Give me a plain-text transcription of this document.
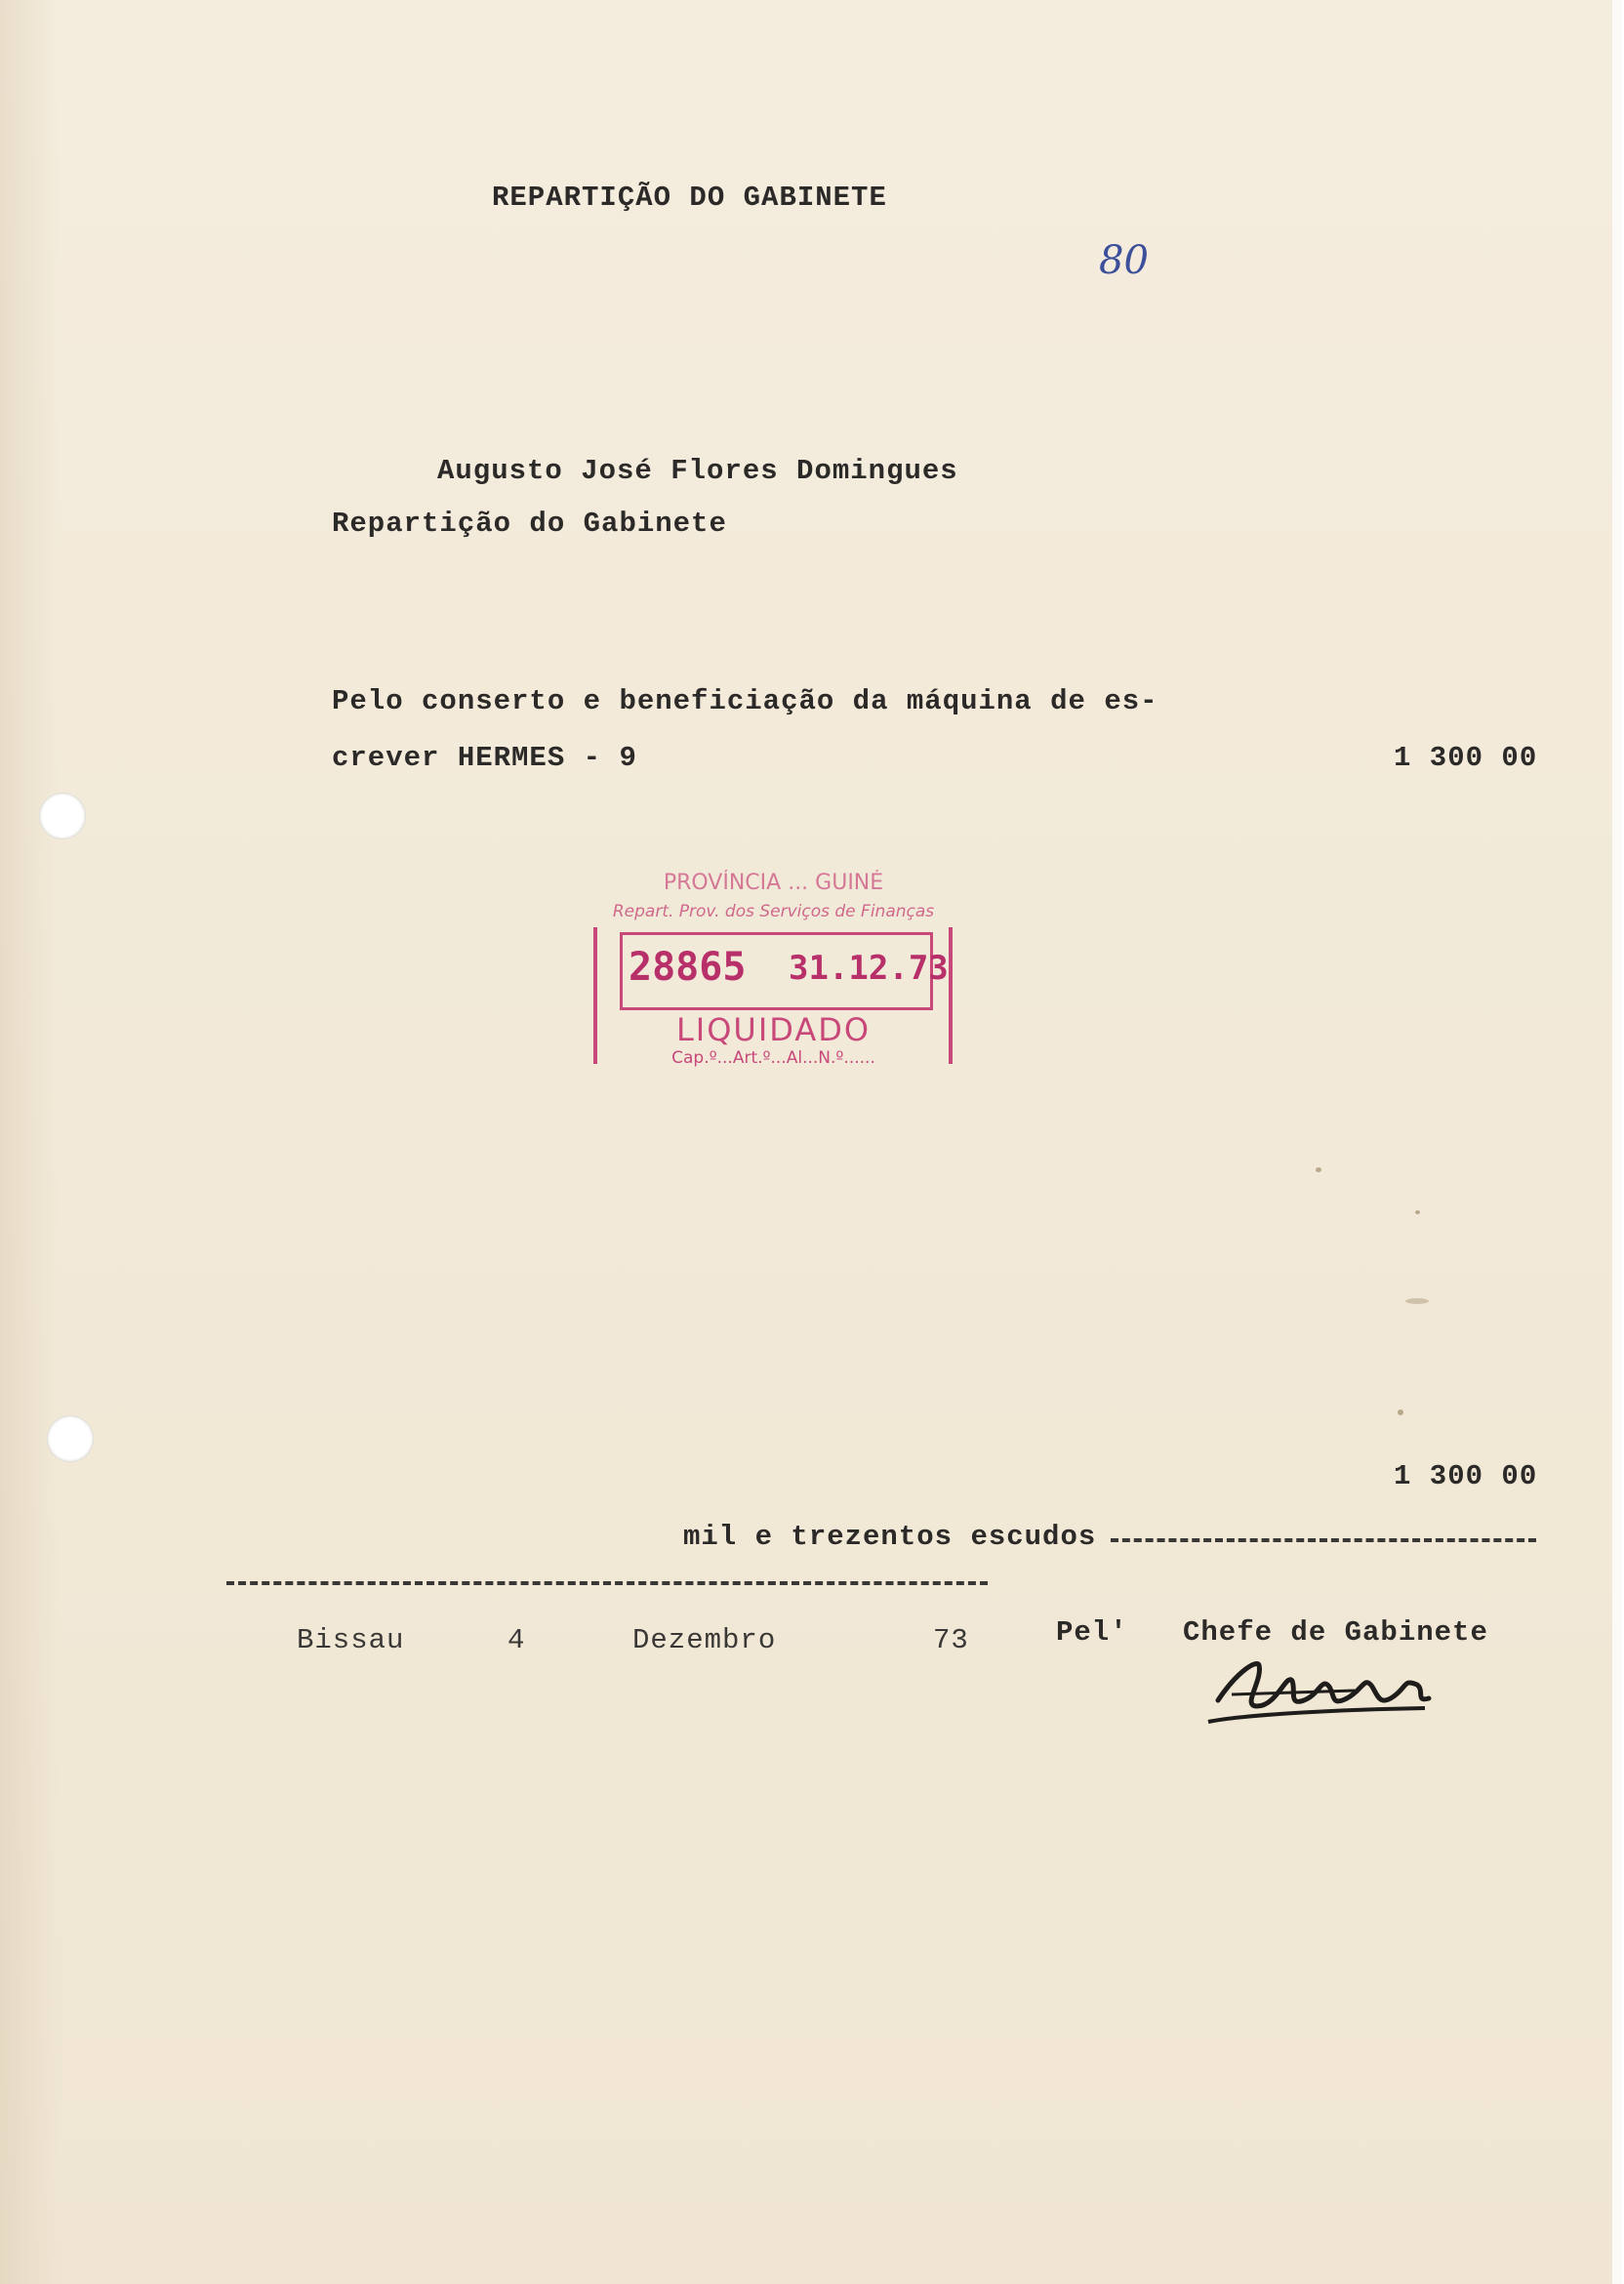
REPARTIÇÃO DO GABINETE
80
Augusto José Flores Domingues
Repartição do Gabinete
Pelo conserto e beneficiação da máquina de es-
crever HERMES - 9	1 300 00
PROVÍNCIA ... GUINÉ
Repart. Prov. dos Serviços de Finanças
28865 31.12.73
LIQUIDADO
Cap.º...Art.º...Al...N.º......
1 300 00
mil e trezentos escudos
Bissau	4	Dezembro	73	Pel' Chefe de Gabinete
